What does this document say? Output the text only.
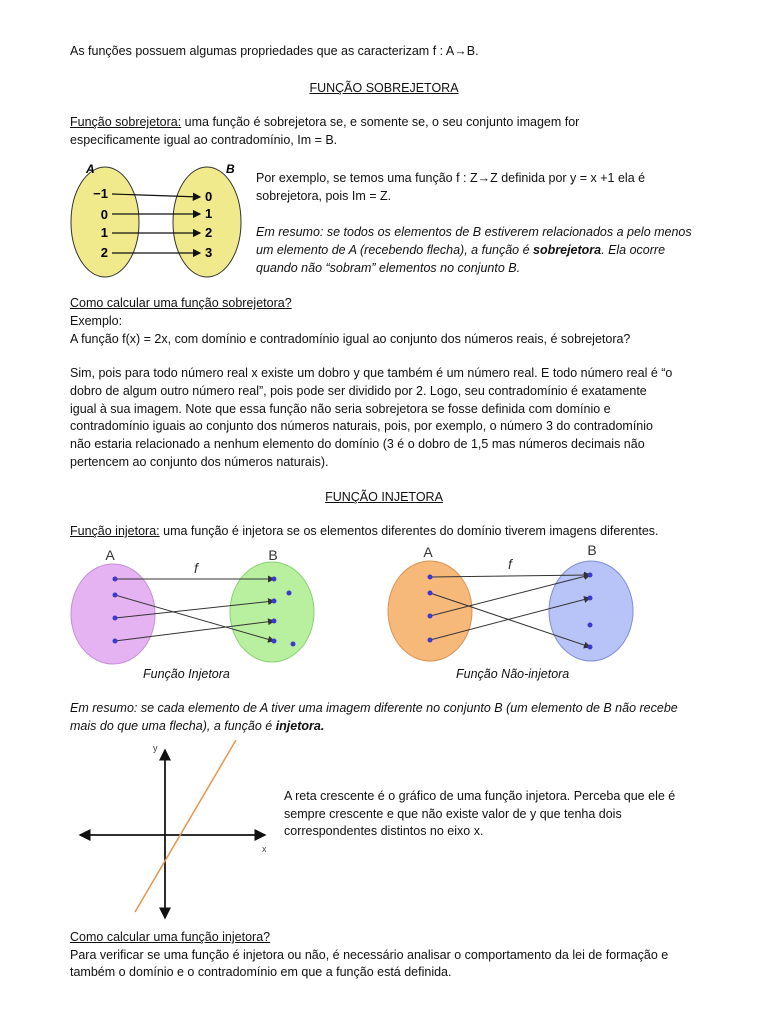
As funções possuem algumas propriedades que as caracterizam f : A→B.
FUNÇÃO SOBREJETORA
Função sobrejetora: uma função é sobrejetora se, e somente se, o seu conjunto imagem for
especificamente igual ao contradomínio, Im = B.
A	B
−1
0
1
2
0
1
2
3
Por exemplo, se temos uma função f : Z→Z definida por y = x +1 ela é
sobrejetora, pois Im = Z.
Em resumo: se todos os elementos de B estiverem relacionados a pelo menos
um elemento de A (recebendo flecha), a função é sobrejetora. Ela ocorre
quando não “sobram” elementos no conjunto B.
Como calcular uma função sobrejetora?
Exemplo:
A função f(x) = 2x, com domínio e contradomínio igual ao conjunto dos números reais, é sobrejetora?
Sim, pois para todo número real x existe um dobro y que também é um número real. E todo número real é “o
dobro de algum outro número real”, pois pode ser dividido por 2. Logo, seu contradomínio é exatamente
igual à sua imagem. Note que essa função não seria sobrejetora se fosse definida com domínio e
contradomínio iguais ao conjunto dos números naturais, pois, por exemplo, o número 3 do contradomínio
não estaria relacionado a nenhum elemento do domínio (3 é o dobro de 1,5 mas números decimais não
pertencem ao conjunto dos números naturais).
FUNÇÃO INJETORA
Função injetora: uma função é injetora se os elementos diferentes do domínio tiverem imagens diferentes.
A	B
f
Função Injetora
A	B
f
Função Não-injetora
Em resumo: se cada elemento de A tiver uma imagem diferente no conjunto B (um elemento de B não recebe
mais do que uma flecha), a função é injetora.
y
x
A reta crescente é o gráfico de uma função injetora. Perceba que ele é
sempre crescente e que não existe valor de y que tenha dois
correspondentes distintos no eixo x.
Como calcular uma função injetora?
Para verificar se uma função é injetora ou não, é necessário analisar o comportamento da lei de formação e
também o domínio e o contradomínio em que a função está definida.
